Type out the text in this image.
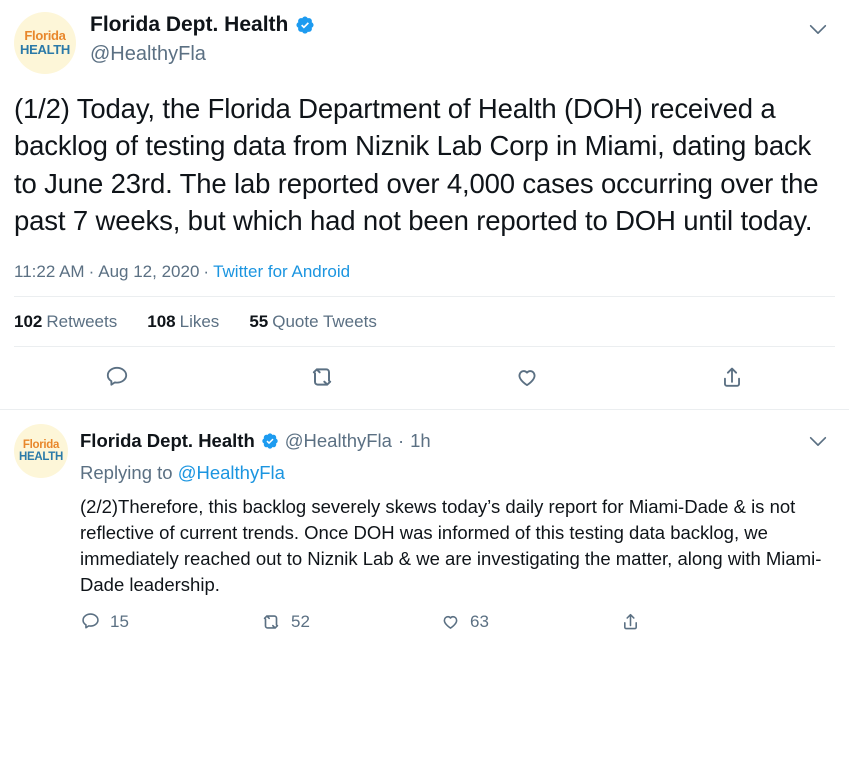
Florida
HEALTH
Florida Dept. Health
@HealthyFla
(1/2) Today, the Florida Department of Health (DOH) received a backlog of testing data from Niznik Lab Corp in Miami, dating back to June 23rd. The lab reported over 4,000 cases occurring over the past 7 weeks, but which had not been reported to DOH until today.
11:22 AM · Aug 12, 2020 · Twitter for Android
102 Retweets 108 Likes 55 Quote Tweets
Florida
HEALTH
Florida Dept. Health @HealthyFla · 1h
Replying to @HealthyFla
(2/2)Therefore, this backlog severely skews today’s daily report for Miami-Dade & is not reflective of current trends. Once DOH was informed of this testing data backlog, we immediately reached out to Niznik Lab & we are investigating the matter, along with Miami-Dade leadership.
15	52	63
